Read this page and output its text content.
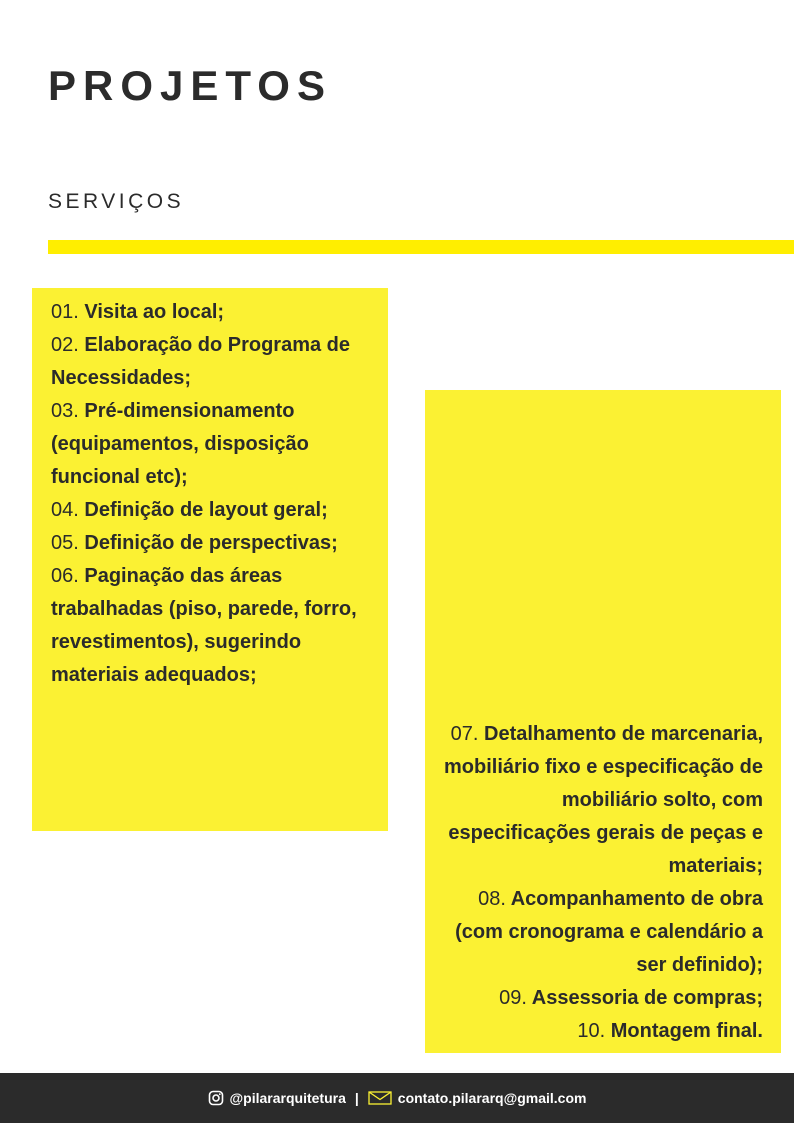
PROJETOS
SERVIÇOS
01. Visita ao local;
02. Elaboração do Programa de Necessidades;
03. Pré-dimensionamento (equipamentos, disposição funcional etc);
04. Definição de layout geral;
05. Definição de perspectivas;
06. Paginação das áreas trabalhadas (piso, parede, forro, revestimentos), sugerindo materiais adequados;
07. Detalhamento de marcenaria, mobiliário fixo e especificação de mobiliário solto, com especificações gerais de peças e materiais;
08. Acompanhamento de obra (com cronograma e calendário a ser definido);
09. Assessoria de compras;
10. Montagem final.
@pilararquitetura |	contato.pilararq@gmail.com
